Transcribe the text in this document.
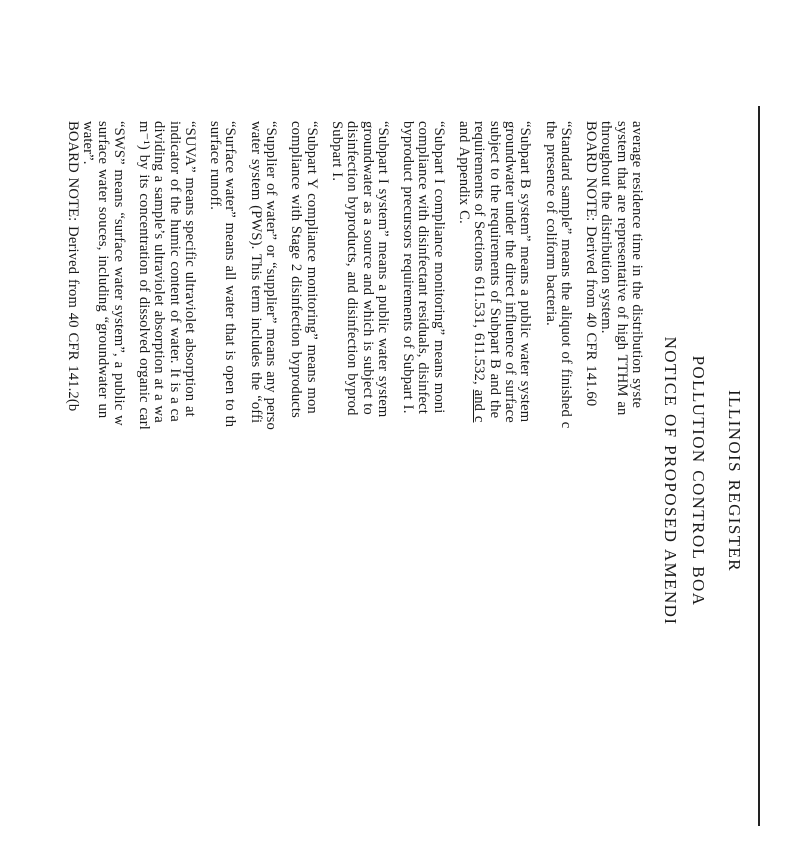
ILLINOIS REGISTER

POLLUTION CONTROL BOA

NOTICE OF PROPOSED AMENDI

average residence time in the distribution syste

system that are representative of high TTHM an

throughout the distribution system.

BOARD NOTE: Derived from 40 CFR 141.60

“Standard sample” means the aliquot of finished c

the presence of coliform bacteria.

“Subpart B system” means a public water system

groundwater under the direct influence of surface

subject to the requirements of Subpart B and the

requirements of Sections 611.531, 611.532, and c

and Appendix C.

“Subpart I compliance monitoring” means moni

compliance with disinfectant residuals, disinfect

byproduct precursors requirements of Subpart I.

“Subpart I system” means a public water system

groundwater as a source and which is subject to

disinfection byproducts, and disinfection byprod

Subpart I.

“Subpart Y compliance monitoring” means mon

compliance with Stage 2 disinfection byproducts

“Supplier of water” or “supplier” means any perso

water system (PWS). This term includes the “offi

“Surface water” means all water that is open to th

surface runoff.

“SUVA” means specific ultraviolet absorption at

indicator of the humic content of water. It is a ca

dividing a sample’s ultraviolet absorption at a wa

m⁻¹) by its concentration of dissolved organic carl

“SWS” means “surface water system”, a public w

surface water souces, including “groundwater un

water”.

BOARD NOTE: Derived from 40 CFR 141.2(b
